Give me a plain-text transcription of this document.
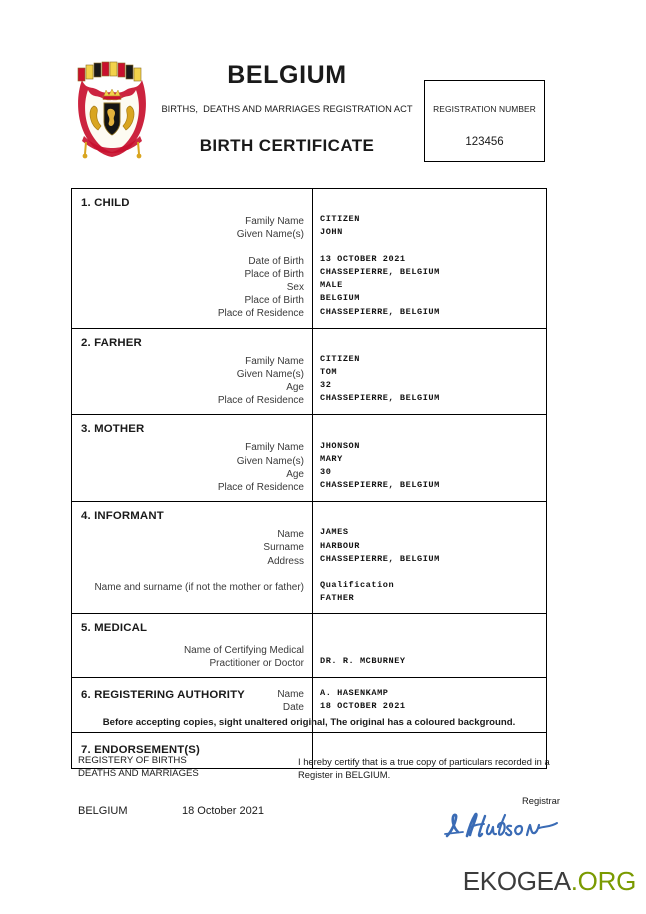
BELGIUM
BIRTHS,  DEATHS AND MARRIAGES REGISTRATION ACT
BIRTH CERTIFICATE
REGISTRATION NUMBER
123456
1. CHILD
Family Name
Given Name(s)
Date of Birth
Place of Birth
Sex
Place of Birth
Place of Residence
CITIZEN
JOHN
13 OCTOBER 2021
CHASSEPIERRE, BELGIUM
MALE
BELGIUM
CHASSEPIERRE, BELGIUM
2. FARHER
Family Name
Given Name(s)
Age
Place of Residence
CITIZEN
TOM
32
CHASSEPIERRE, BELGIUM
3. MOTHER
Family Name
Given Name(s)
Age
Place of Residence
JHONSON
MARY
30
CHASSEPIERRE, BELGIUM
4. INFORMANT
Name
Surname
Address
Name and surname (if not the mother or father)
JAMES
HARBOUR
CHASSEPIERRE, BELGIUM
Qualification
FATHER
5. MEDICAL
Name of Certifying Medical
Practitioner or Doctor DR. R. MCBURNEY
6. REGISTERING AUTHORITY	Name
Date
A. HASENKAMP
18 OCTOBER 2021
7. ENDORSEMENT(S)
Before accepting copies, sight unaltered original, The original has a coloured background.
REGISTERY OF BIRTHS
DEATHS AND MARRIAGES
BELGIUM	18 October 2021
I hereby certify that is a true copy of particulars recorded in a
Register in BELGIUM.
Registrar
EKOGEA.ORG
